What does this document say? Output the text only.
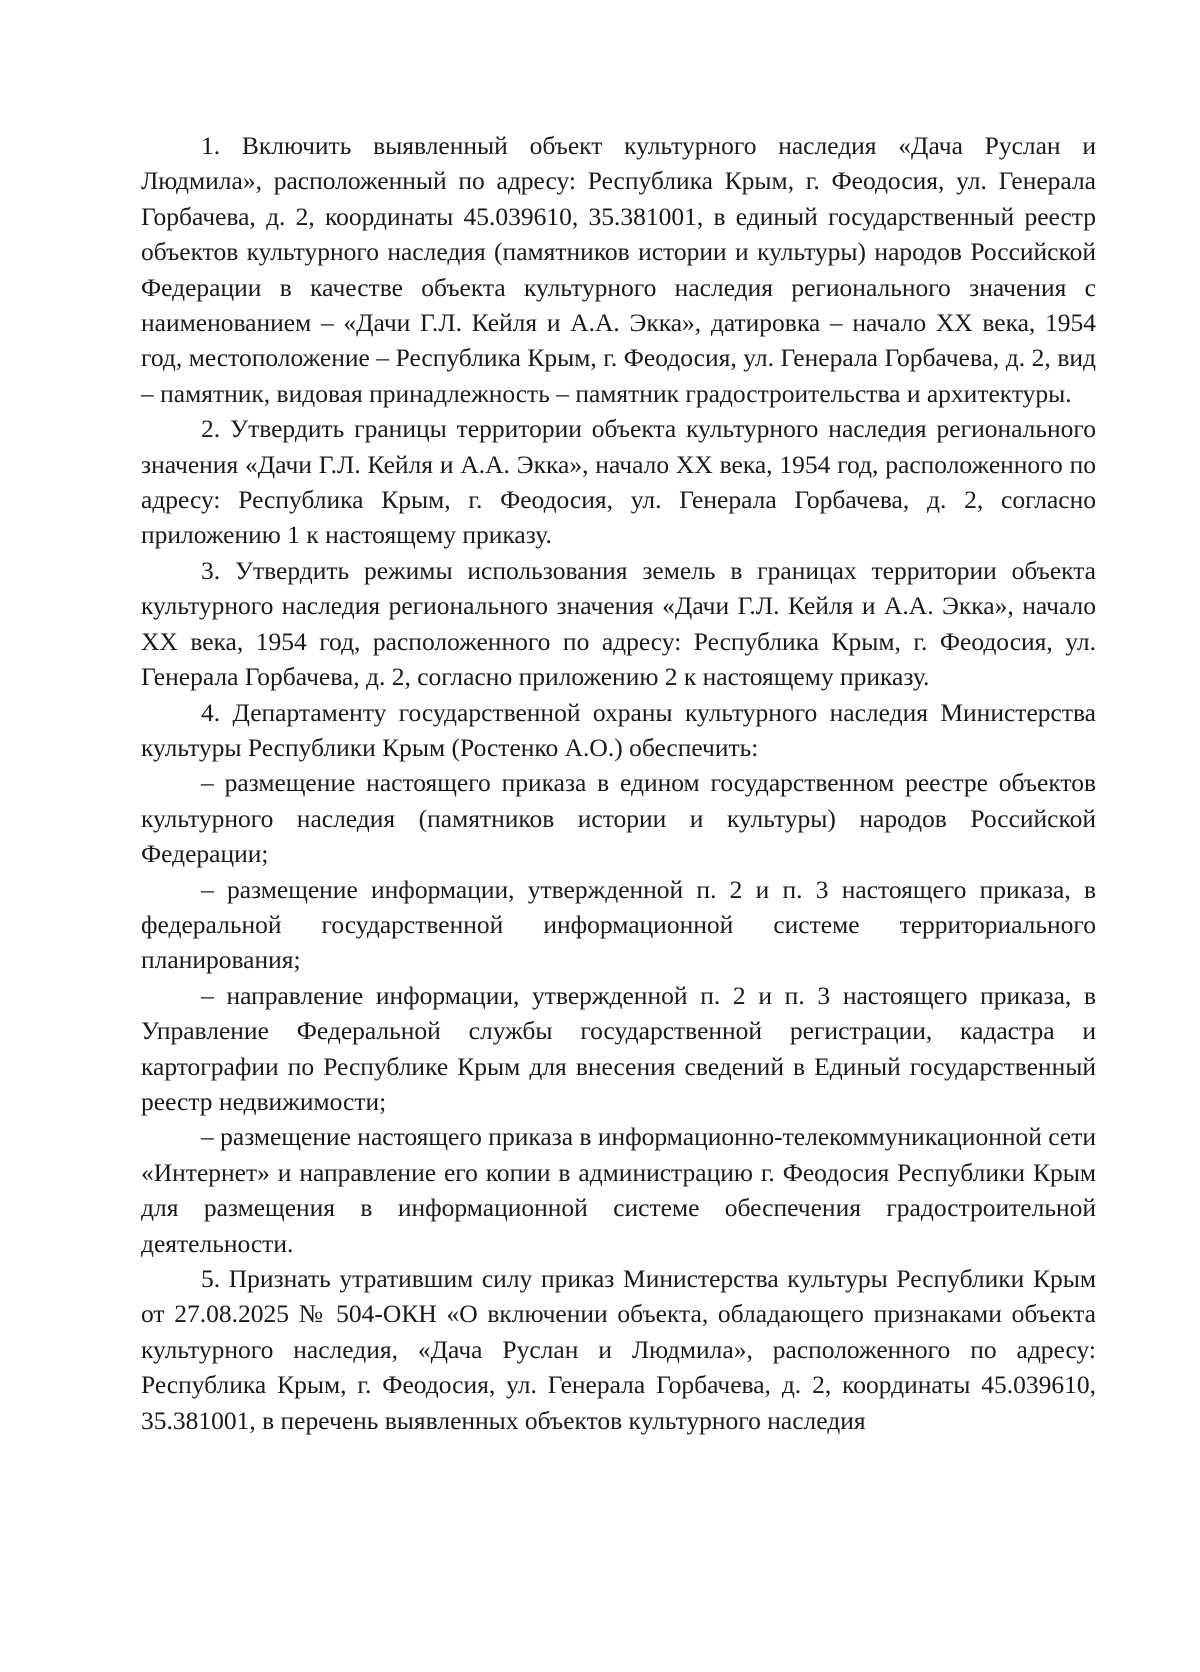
1. Включить выявленный объект культурного наследия «Дача Руслан и Людмила», расположенный по адресу: Республика Крым, г. Феодосия, ул. Генерала Горбачева, д. 2, координаты 45.039610, 35.381001, в единый государственный реестр объектов культурного наследия (памятников истории и культуры) народов Российской Федерации в качестве объекта культурного наследия регионального значения с наименованием – «Дачи Г.Л. Кейля и А.А. Экка», датировка – начало XX века, 1954 год, местоположение – Республика Крым, г. Феодосия, ул. Генерала Горбачева, д. 2, вид – памятник, видовая принадлежность – памятник градостроительства и архитектуры.

2. Утвердить границы территории объекта культурного наследия регионального значения «Дачи Г.Л. Кейля и А.А. Экка», начало XX века, 1954 год, расположенного по адресу: Республика Крым, г. Феодосия, ул. Генерала Горбачева, д. 2, согласно приложению 1 к настоящему приказу.

3. Утвердить режимы использования земель в границах территории объекта культурного наследия регионального значения «Дачи Г.Л. Кейля и А.А. Экка», начало XX века, 1954 год, расположенного по адресу: Республика Крым, г. Феодосия, ул. Генерала Горбачева, д. 2, согласно приложению 2 к настоящему приказу.

4. Департаменту государственной охраны культурного наследия Министерства культуры Республики Крым (Ростенко А.О.) обеспечить:

– размещение настоящего приказа в едином государственном реестре объектов культурного наследия (памятников истории и культуры) народов Российской Федерации;

– размещение информации, утвержденной п. 2 и п. 3 настоящего приказа, в федеральной государственной информационной системе территориального планирования;

– направление информации, утвержденной п. 2 и п. 3 настоящего приказа, в Управление Федеральной службы государственной регистрации, кадастра и картографии по Республике Крым для внесения сведений в Единый государственный реестр недвижимости;

– размещение настоящего приказа в информационно-телекоммуникационной сети «Интернет» и направление его копии в администрацию г. Феодосия Республики Крым для размещения в информационной системе обеспечения градостроительной деятельности.

5. Признать утратившим силу приказ Министерства культуры Республики Крым от 27.08.2025 № 504-ОКН «О включении объекта, обладающего признаками объекта культурного наследия, «Дача Руслан и Людмила», расположенного по адресу: Республика Крым, г. Феодосия, ул. Генерала Горбачева, д. 2, координаты 45.039610, 35.381001, в перечень выявленных объектов культурного наследия
